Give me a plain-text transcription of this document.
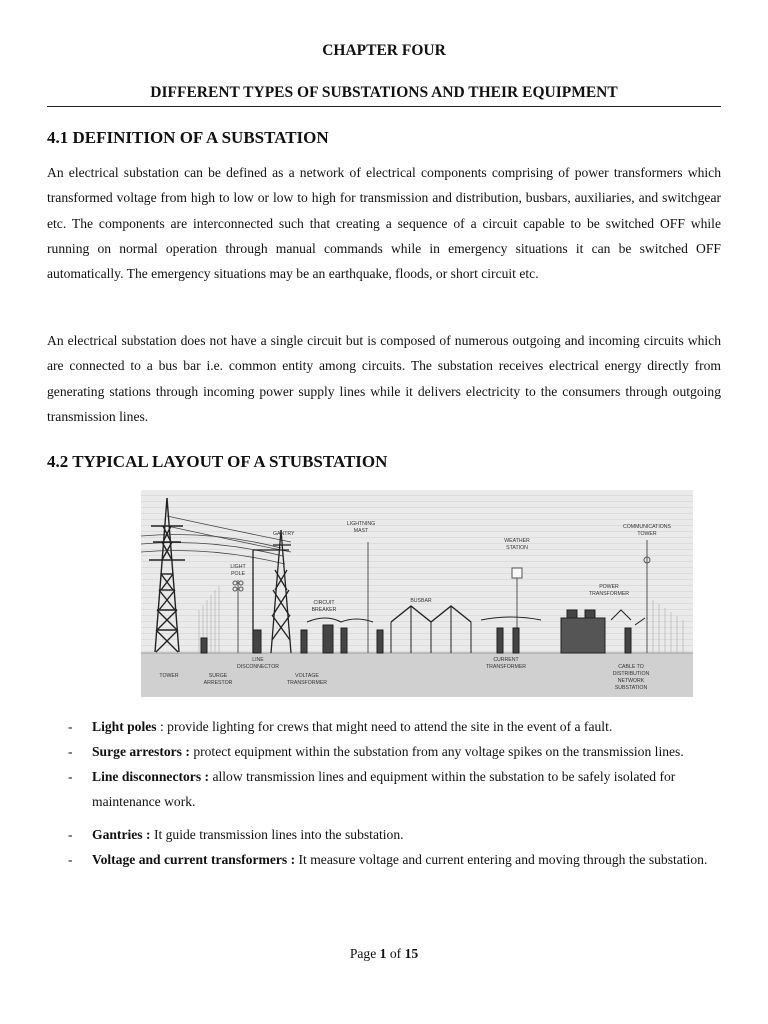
CHAPTER FOUR
DIFFERENT TYPES OF SUBSTATIONS AND THEIR EQUIPMENT
4.1 DEFINITION OF A SUBSTATION
An electrical substation can be defined as a network of electrical components comprising of power transformers which transformed voltage from high to low or low to high for transmission and distribution, busbars, auxiliaries, and switchgear etc. The components are interconnected such that creating a sequence of a circuit capable to be switched OFF while running on normal operation through manual commands while in emergency situations it can be switched OFF automatically. The emergency situations may be an earthquake, floods, or short circuit etc.
An electrical substation does not have a single circuit but is composed of numerous outgoing and incoming circuits which are connected to a bus bar i.e. common entity among circuits. The substation receives electrical energy directly from generating stations through incoming power supply lines while it delivers electricity to the consumers through outgoing transmission lines.
4.2 TYPICAL LAYOUT OF A STUBSTATION
GANTRY
LIGHTNING
MAST
WEATHER
STATION
COMMUNICATIONS
TOWER
LIGHT
POLE
POWER
TRANSFORMER
BUSBAR
CIRCUIT
BREAKER
LINE
DISCONNECTOR
TOWER	SURGE
ARRESTOR
VOLTAGE
TRANSFORMER
CURRENT
TRANSFORMER	CABLE TO
DISTRIBUTION
NETWORK
SUBSTATION
- Light poles : provide lighting for crews that might need to attend the site in the event of a fault.
- Surge arrestors : protect equipment within the substation from any voltage spikes on the transmission lines.
- Line disconnectors : allow transmission lines and equipment within the substation to be safely isolated for maintenance work.
- Gantries : It guide transmission lines into the substation.
- Voltage and current transformers : It measure voltage and current entering and moving through the substation.
Page 1 of 15
